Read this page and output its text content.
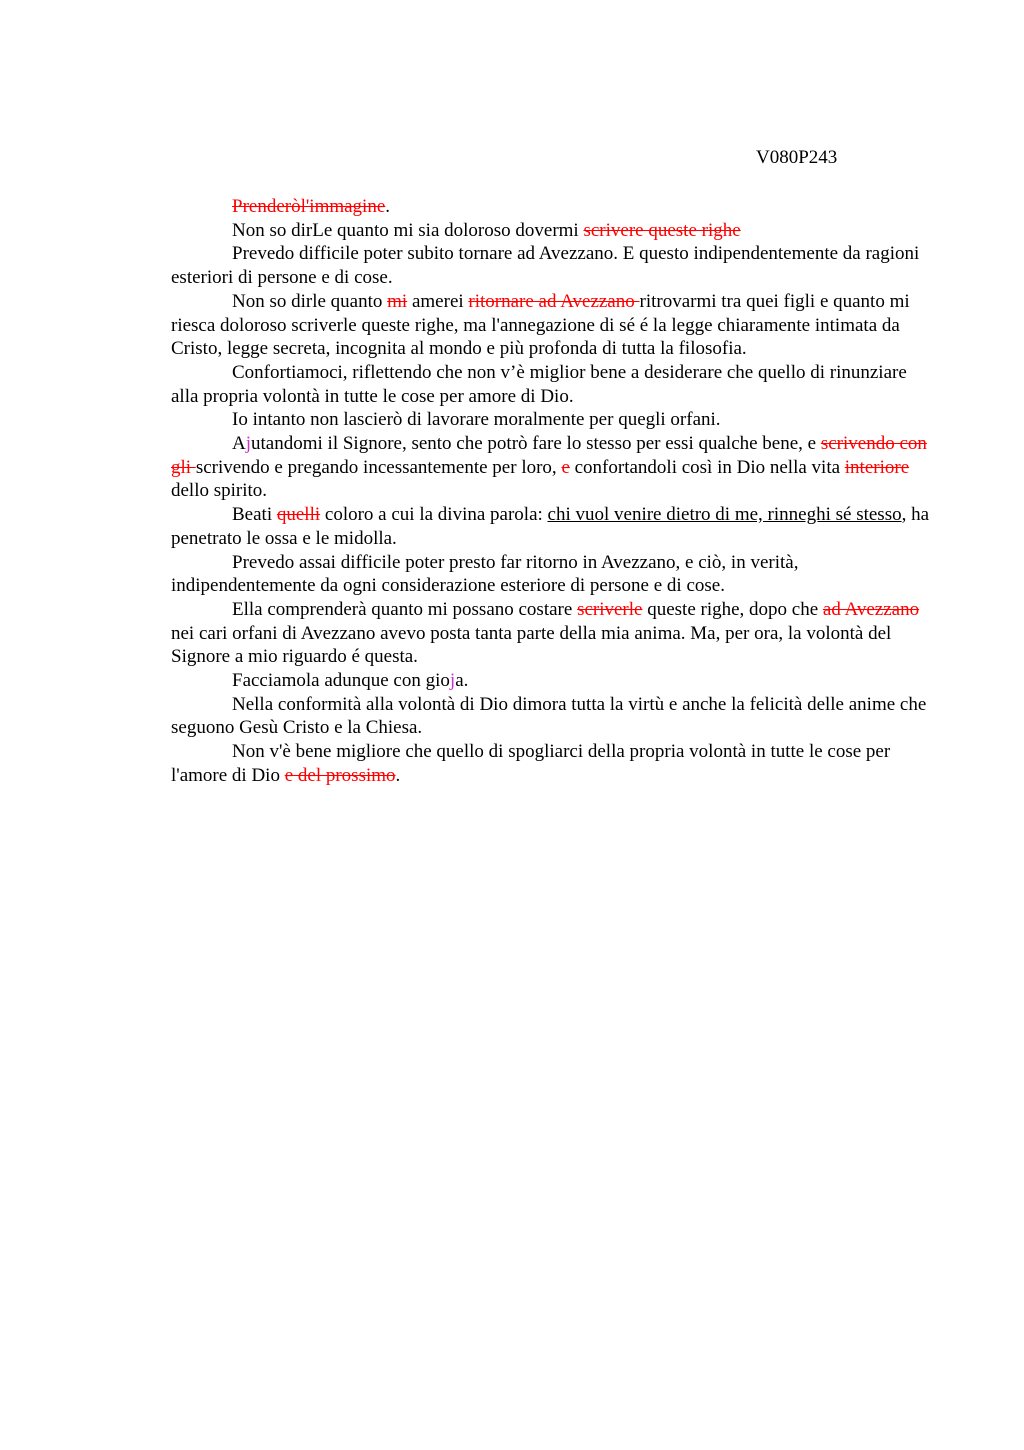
V080P243

Prenderòl'immagine.

Non so dirLe quanto mi sia doloroso dovermi scrivere queste righe

Prevedo difficile poter subito tornare ad Avezzano. E questo indipendentemente da ragioni esteriori di persone e di cose.

Non so dirle quanto mi amerei ritornare ad Avezzano ritrovarmi tra quei figli e quanto mi riesca doloroso scriverle queste righe, ma l'annegazione di sé é la legge chiaramente intimata da Cristo, legge secreta, incognita al mondo e più profonda di tutta la filosofia.

Confortiamoci, riflettendo che non v’è miglior bene a desiderare che quello di rinunziare alla propria volontà in tutte le cose per amore di Dio.

Io intanto non lascierò di lavorare moralmente per quegli orfani.

Ajutandomi il Signore, sento che potrò fare lo stesso per essi qualche bene, e scrivendo con gli scrivendo e pregando incessantemente per loro, e confortandoli così in Dio nella vita interiore dello spirito.

Beati quelli coloro a cui la divina parola: chi vuol venire dietro di me, rinneghi sé stesso, ha penetrato le ossa e le midolla.

Prevedo assai difficile poter presto far ritorno in Avezzano, e ciò, in verità, indipendentemente da ogni considerazione esteriore di persone e di cose.

Ella comprenderà quanto mi possano costare scriverle queste righe, dopo che ad Avezzano nei cari orfani di Avezzano avevo posta tanta parte della mia anima. Ma, per ora, la volontà del Signore a mio riguardo é questa.

Facciamola adunque con gioja.

Nella conformità alla volontà di Dio dimora tutta la virtù e anche la felicità delle anime che seguono Gesù Cristo e la Chiesa.

Non v'è bene migliore che quello di spogliarci della propria volontà in tutte le cose per l'amore di Dio e del prossimo.
